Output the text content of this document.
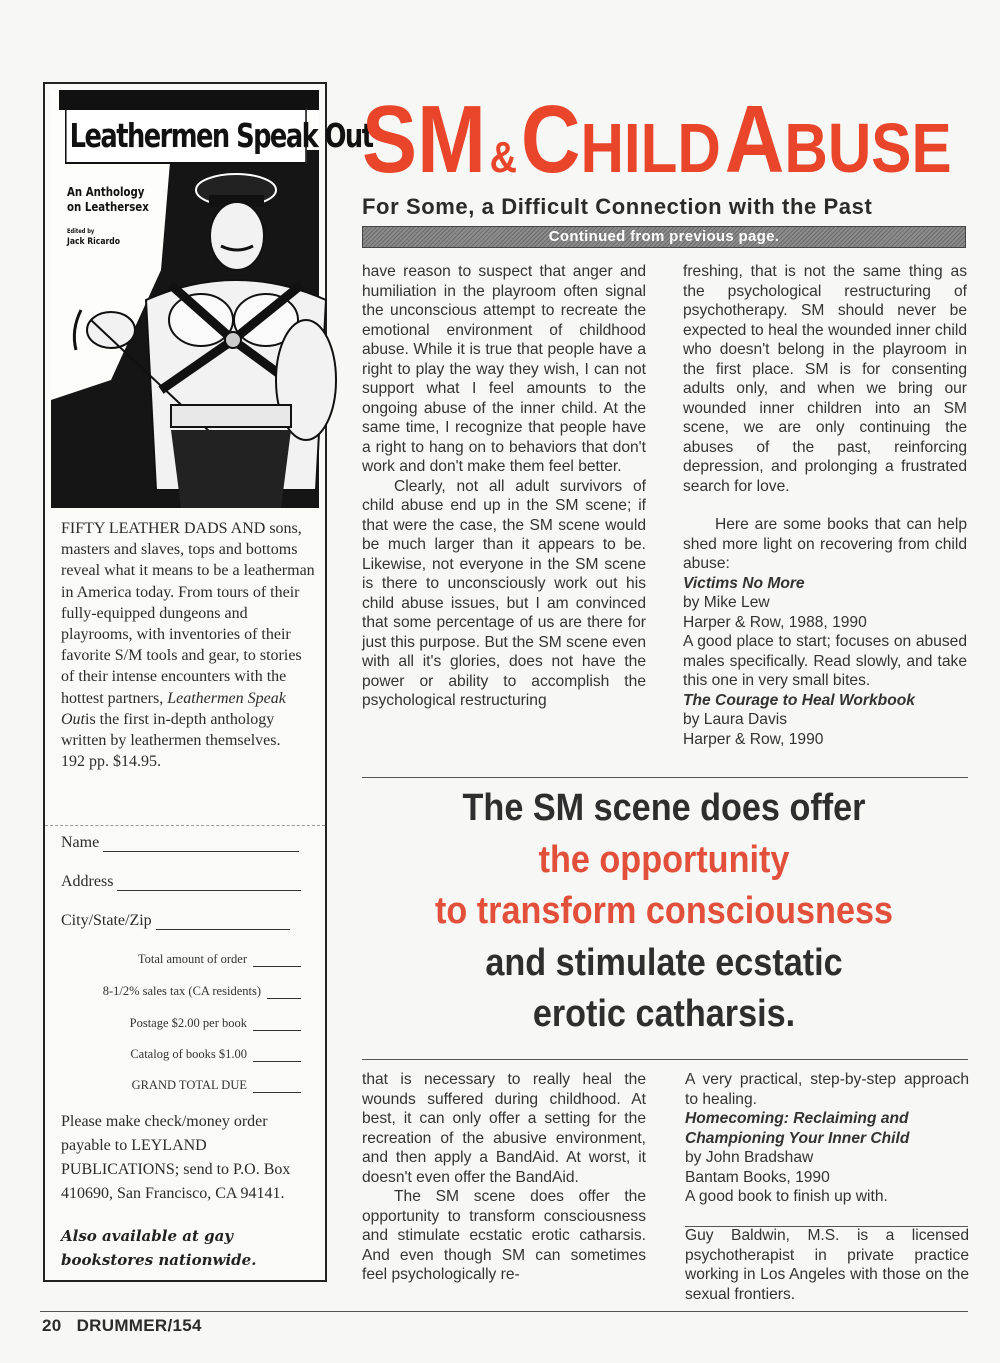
Leathermen Speak Out
An Anthology
on Leathersex
Edited by
Jack Ricardo
FIFTY LEATHER DADS AND sons, masters and slaves, tops and bottoms reveal what it means to be a leatherman in America today. From tours of their fully-equipped dungeons and playrooms, with inventories of their favorite S/M tools and gear, to stories of their intense encounters with the hottest partners, Leathermen Speak Outis the first in-depth anthology written by leathermen themselves.
192 pp. $14.95.
Name
Address
City/State/Zip
Total amount of order
8-1/2% sales tax (CA residents)
Postage $2.00 per book
Catalog of books $1.00
GRAND TOTAL DUE
Please make check/money order payable to LEYLAND PUBLICATIONS; send to P.O. Box 410690, San Francisco, CA 94141.
Also available at gay bookstores nationwide.
SM & CHILD ABUSE
For Some, a Difficult Connection with the Past
Continued from previous page.

have reason to suspect that anger and humiliation in the playroom often signal the unconscious attempt to recreate the emotional environment of childhood abuse. While it is true that people have a right to play the way they wish, I can not support what I feel amounts to the ongoing abuse of the inner child. At the same time, I recognize that people have a right to hang on to behaviors that don't work and don't make them feel better.

Clearly, not all adult survivors of child abuse end up in the SM scene; if that were the case, the SM scene would be much larger than it appears to be. Likewise, not everyone in the SM scene is there to unconsciously work out his child abuse issues, but I am convinced that some percentage of us are there for just this purpose. But the SM scene even with all it's glories, does not have the power or ability to accomplish the psychological restructuring

freshing, that is not the same thing as the psychological restructuring of psychotherapy. SM should never be expected to heal the wounded inner child who doesn't belong in the playroom in the first place. SM is for consenting adults only, and when we bring our wounded inner children into an SM scene, we are only continuing the abuses of the past, reinforcing depression, and prolonging a frustrated search for love.

Here are some books that can help shed more light on recovering from child abuse:

Victims No More

by Mike Lew

Harper & Row, 1988, 1990

A good place to start; focuses on abused males specifically. Read slowly, and take this one in very small bites.

The Courage to Heal Workbook

by Laura Davis

Harper & Row, 1990

The SM scene does offer
the opportunity
to transform consciousness
and stimulate ecstatic
erotic catharsis.

that is necessary to really heal the wounds suffered during childhood. At best, it can only offer a setting for the recreation of the abusive environment, and then apply a BandAid. At worst, it doesn't even offer the BandAid.

The SM scene does offer the opportunity to transform consciousness and stimulate ecstatic erotic catharsis. And even though SM can sometimes feel psychologically re-

A very practical, step-by-step approach to healing.

Homecoming: Reclaiming and Championing Your Inner Child

by John Bradshaw

Bantam Books, 1990

A good book to finish up with.

Guy Baldwin, M.S. is a licensed psychotherapist in private practice working in Los Angeles with those on the sexual frontiers.

20 DRUMMER/154
